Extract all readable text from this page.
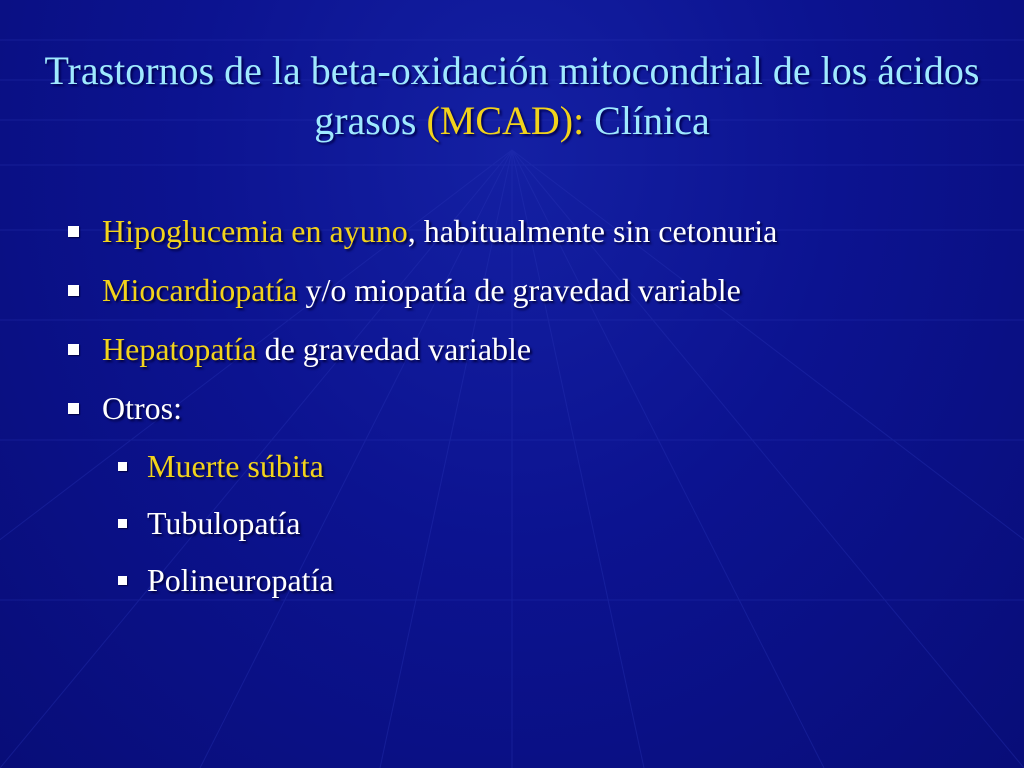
Trastornos de la beta-oxidación mitocondrial de los ácidos grasos (MCAD): Clínica
Hipoglucemia en ayuno, habitualmente sin cetonuria
Miocardiopatía y/o miopatía de gravedad variable
Hepatopatía de gravedad variable
Otros:
Muerte súbita
Tubulopatía
Polineuropatía
